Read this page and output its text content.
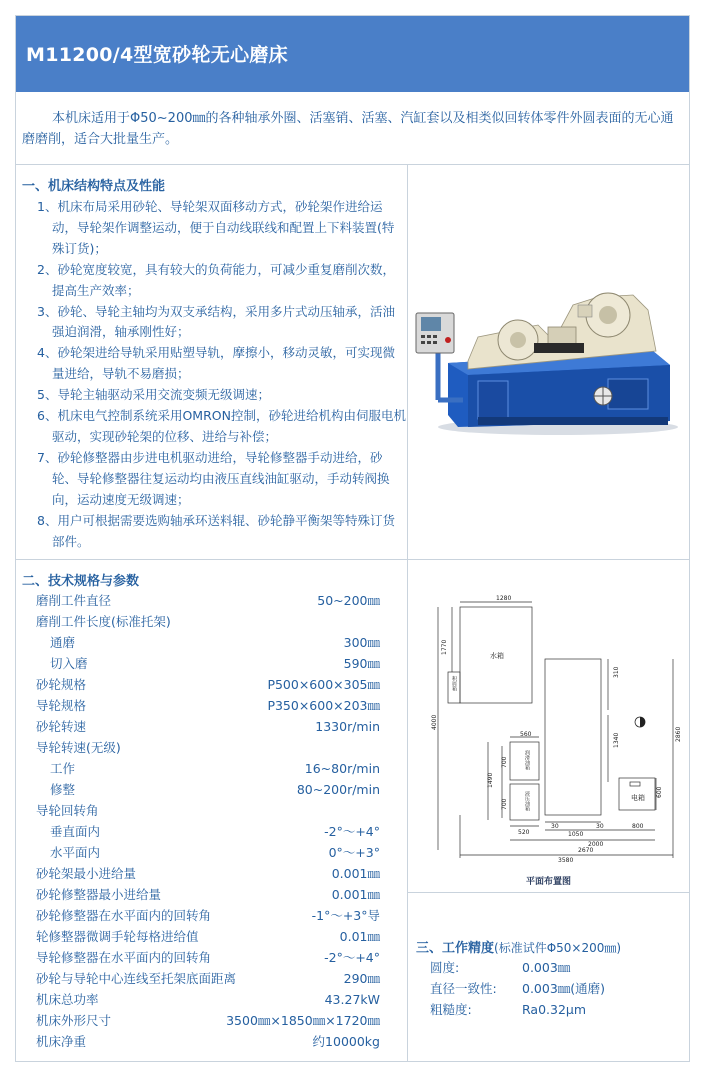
M11200/4型宽砂轮无心磨床

本机床适用于Φ50~200㎜的各种轴承外圈、活塞销、活塞、汽缸套以及相类似回转体零件外圆表面的无心通磨磨削，适合大批量生产。

一、机床结构特点及性能
1、机床布局采用砂轮、导轮架双面移动方式，砂轮架作进给运动，导轮架作调整运动，便于自动线联线和配置上下料装置(特殊订货)；
2、砂轮宽度较宽，具有较大的负荷能力，可减少重复磨削次数，提高生产效率；
3、砂轮、导轮主轴均为双支承结构，采用多片式动压轴承，活油强迫润滑，轴承刚性好；
4、砂轮架进给导轨采用贴塑导轨，摩擦小，移动灵敏，可实现微量进给，导轨不易磨损；
5、导轮主轴驱动采用交流变频无级调速；
6、机床电气控制系统采用OMRON控制，砂轮进给机构由伺服电机驱动，实现砂轮架的位移、进给与补偿；
7、砂轮修整器由步进电机驱动进给，导轮修整器手动进给，砂轮、导轮修整器往复运动均由液压直线油缸驱动，手动转阀换向，运动速度无级调速；
8、用户可根据需要选购轴承环送料辊、砂轮静平衡架等特殊订货部件。
二、技术规格与参数
磨削工件直径	50~200㎜
磨削工件长度(标准托架)
通磨	300㎜
切入磨	590㎜
砂轮规格	P500×600×305㎜
导轮规格	P350×600×203㎜
砂轮转速	1330r/min
导轮转速(无级)
工作	16~80r/min
修整	80~200r/min
导轮回转角
垂直面内	-2°～+4°
水平面内	0°～+3°
砂轮架最小进给量	0.001㎜
砂轮修整器最小进给量	0.001㎜
砂轮修整器在水平面内的回转角	-1°～+3°导
轮修整器微调手轮每格进给值	0.01㎜
导轮修整器在水平面内的回转角	-2°～+4°
砂轮与导轮中心连线至托架底面距离	290㎜
机床总功率	43.27kW
机床外形尺寸	3500㎜×1850㎜×1720㎜
机床净重	约10000kg
1280
1770
4000
310
1340	2860
560
700
700
1490
600
520
30	30
1050
800
2000
2670
3580
水箱
电箱
润滑油箱
液压油箱
积屑箱
平面布置图
三、工作精度(标准试件Φ50×200㎜)
圆度:	0.003㎜
直径一致性: 0.003㎜(通磨)
粗糙度:	Ra0.32μm
